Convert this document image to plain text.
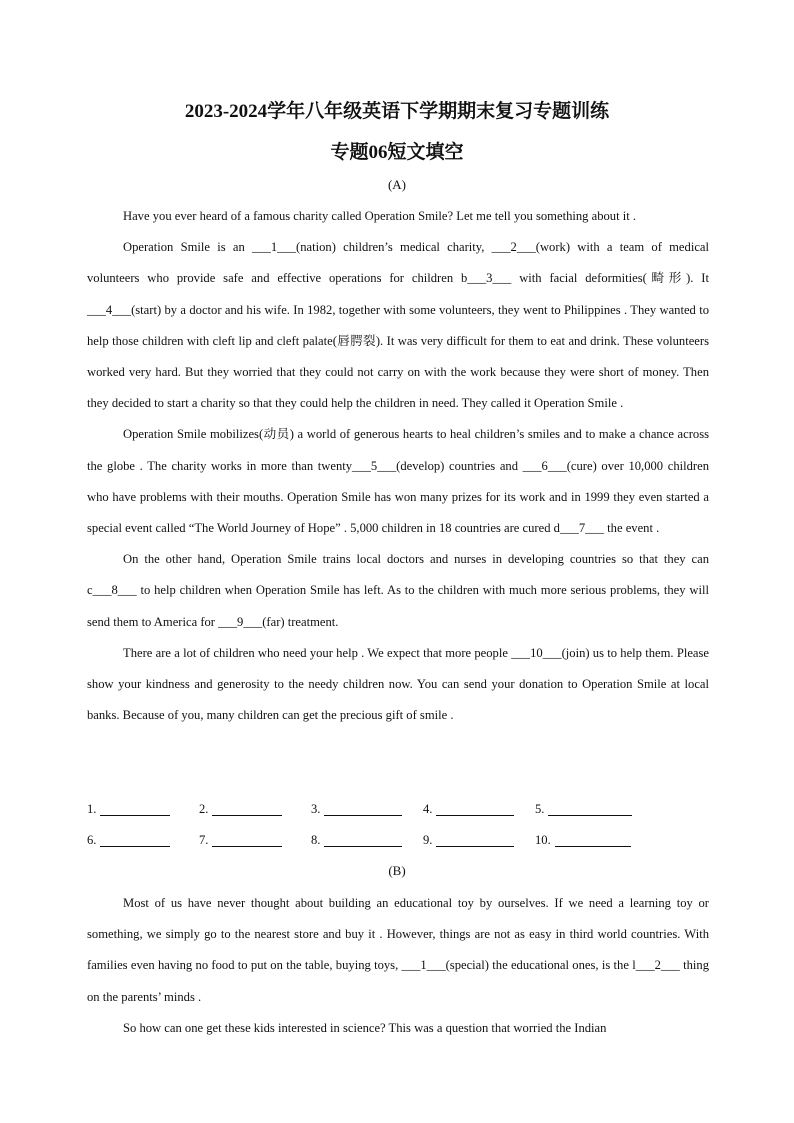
2023-2024学年八年级英语下学期期末复习专题训练
专题06短文填空
(A)

Have you ever heard of a famous charity called Operation Smile? Let me tell you something about it .

Operation Smile is an ___1___(nation) children’s medical charity, ___2___(work) with a team of medical volunteers who provide safe and effective operations for children b___3___ with facial deformities(畸形). It ___4___(start) by a doctor and his wife. In 1982, together with some volunteers, they went to Philippines . They wanted to help those children with cleft lip and cleft palate(唇腭裂). It was very difficult for them to eat and drink. These volunteers worked very hard. But they worried that they could not carry on with the work because they were short of money. Then they decided to start a charity so that they could help the children in need. They called it Operation Smile .

Operation Smile mobilizes(动员) a world of generous hearts to heal children’s smiles and to make a chance across the globe . The charity works in more than twenty___5___(develop) countries and ___6___(cure) over 10,000 children who have problems with their mouths. Operation Smile has won many prizes for its work and in 1999 they even started a special event called “The World Journey of Hope” . 5,000 children in 18 countries are cured d___7___ the event .

On the other hand, Operation Smile trains local doctors and nurses in developing countries so that they can c___8___ to help children when Operation Smile has left. As to the children with much more serious problems, they will send them to America for ___9___(far) treatment.

There are a lot of children who need your help . We expect that more people ___10___(join) us to help them. Please show your kindness and generosity to the needy children now. You can send your donation to Operation Smile at local banks. Because of you, many children can get the precious gift of smile .

1.	2.	3.	4.	5.
6.	7.	8.	9.	10.
(B)

Most of us have never thought about building an educational toy by ourselves. If we need a learning toy or something, we simply go to the nearest store and buy it . However, things are not as easy in third world countries. With families even having no food to put on the table, buying toys, ___1___(special) the educational ones, is the l___2___ thing on the parents’ minds .

So how can one get these kids interested in science? This was a question that worried the Indian
